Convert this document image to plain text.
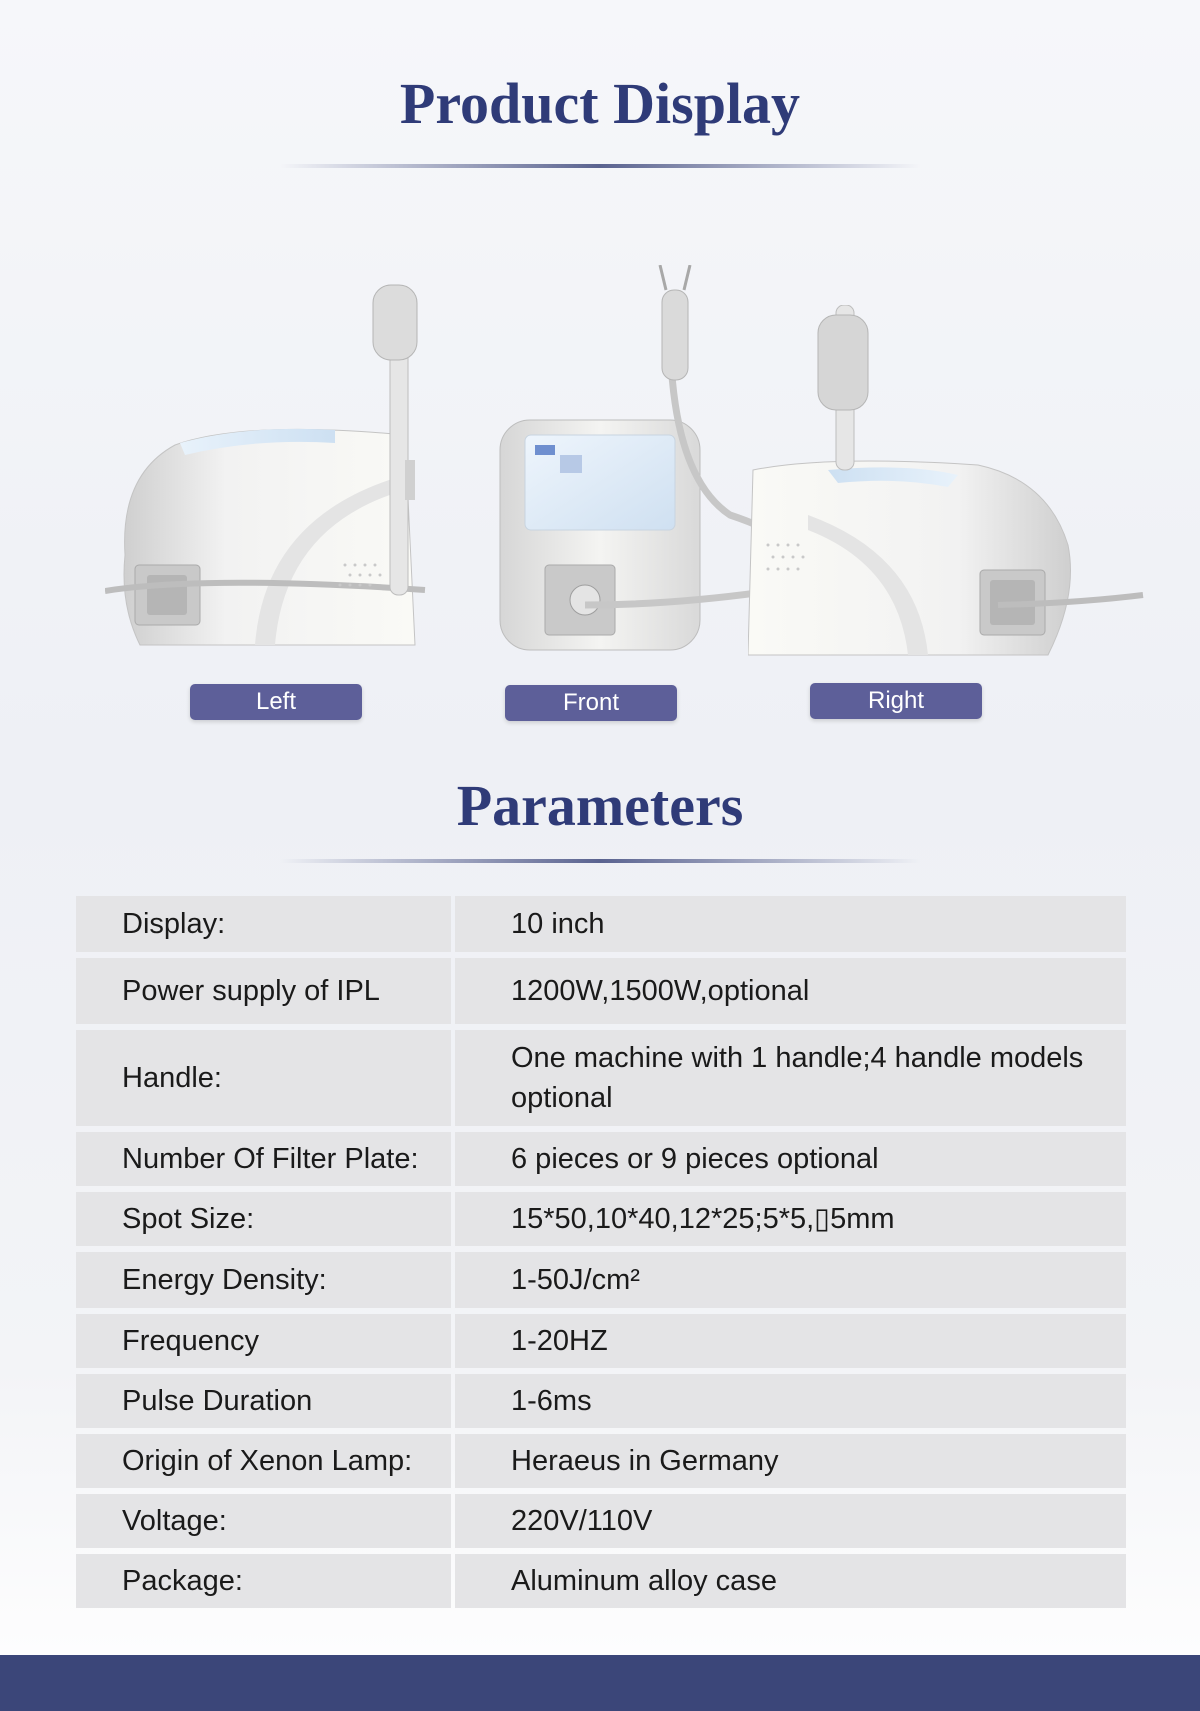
Product Display
Left	Front	Right
Parameters
Display:	10 inch
Power supply of IPL	1200W,1500W,optional
Handle:	One machine with 1 handle;4 handle models optional
Number Of Filter Plate:	6 pieces or 9 pieces optional
Spot Size:	15*50,10*40,12*25;5*5,▯5mm
Energy Density:	1-50J/cm²
Frequency	1-20HZ
Pulse Duration	1-6ms
Origin of Xenon Lamp:	Heraeus in Germany
Voltage:	220V/110V
Package:	Aluminum alloy case
